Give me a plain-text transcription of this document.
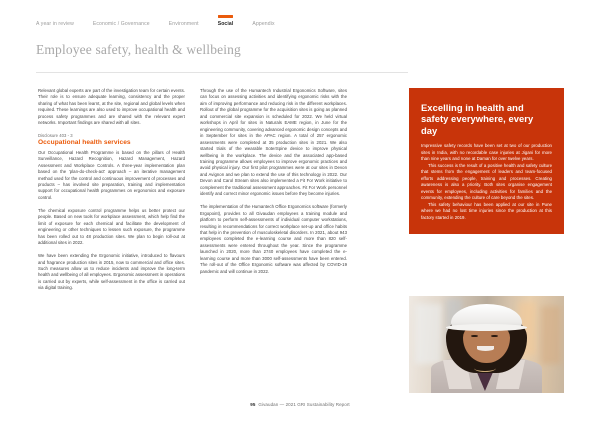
A year in review	Economic / Governance	Environment	Social	Appendix
Employee safety, health & wellbeing

Relevant global experts are part of the investigation team for certain events. Their role is to ensure adequate learning, consistency and the proper sharing of what has been learnt, at the site, regional and global levels when required. These learnings are also used to improve occupational health and process safety programmes and are shared with the relevant expert networks. Important findings are shared with all sites.

Disclosure 403 - 3
Occupational health services

Our Occupational Health Programme is based on the pillars of Health Surveillance, Hazard Recognition, Hazard Management, Hazard Assessment and Workplace Controls. A three-year implementation plan based on the 'plan-do-check-act' approach – an iterative management method used for the control and continuous improvement of processes and products – has involved site preparation, training and implementation support for occupational health programmes on ergonomics and exposure control.

The chemical exposure control programme helps us better protect our people. Based on new tools for workplace assessment, which help find the limit of exposure for each chemical and facilitate the development of engineering or other techniques to lessen such exposure, the programme has been rolled out to 48 production sites. We plan to begin roll-out at additional sites in 2022.

We have been extending the Ergonomic initiative, introduced to flavours and fragrance production sites in 2015, now to commercial and office sites. Such measures allow us to reduce incidents and improve the long-term health and wellbeing of all employees. Ergonomic assessment in operations is carried out by experts, while self-assessment in the office is carried out via digital training.

Through the use of the Humantech Industrial Ergonomics Software, sites can focus on assessing activities and identifying ergonomic risks with the aim of improving performance and reducing risk in the different workplaces. Rollout of the global programme for the acquisition sites is going as planned and commercial site expansion is scheduled for 2022. We held virtual workshops in April for sites in Naturals EAME region, in June for the engineering community, covering advanced ergonomic design concepts and in September for sites in the APAC region. A total of 257 ergonomic assessments were completed at 35 production sites in 2021. We also started trials of the wearable SoterSpine device to improve physical wellbeing in the workplace. The device and the associated app-based training programme allows employees to improve ergonomic practices and avoid physical injury. Our first pilot programmes were at our sites in Devon and Avignon and we plan to extend the use of this technology in 2022. Our Devon and Carol Stream sites also implemented a Fit For Work initiative to complement the traditional assessment approaches. Fit For Work personnel identify and correct minor ergonomic issues before they become injuries.

The implementation of the Humantech Office Ergonomics software (formerly Ergopoint), provides to all Givaudan employees a training module and platform to perform self-assessments of individual computer workstations, resulting in recommendations for correct workplace set-up and office habits that help in the prevention of musculoskeletal disorders. In 2021, about 943 employees completed the e-learning course and more than 820 self-assessments were entered throughout the year. Since the programme launched in 2020, more than 2740 employees have completed the e-learning course and more than 3000 self-assessments have been entered. The roll-out of the Office Ergonomic software was affected by COVID-19 pandemic and will continue in 2022.

Excelling in health and safety everywhere, every day

Impressive safety records have been set at two of our production sites in India, with no recordable case injuries at Jigani for more than nine years and none at Daman for over twelve years.

This success is the result of a positive health and safety culture that stems from the engagement of leaders and team-focused efforts addressing people, training and processes. Creating awareness is also a priority. Both sites organise engagement events for employees, including activities for families and the community, extending the culture of care beyond the sites.

This safety behaviour has been applied at our site in Pune where we had no lost time injuries since the production at this factory started in 2019.

95 Givaudan — 2021 GRI Sustainability Report
